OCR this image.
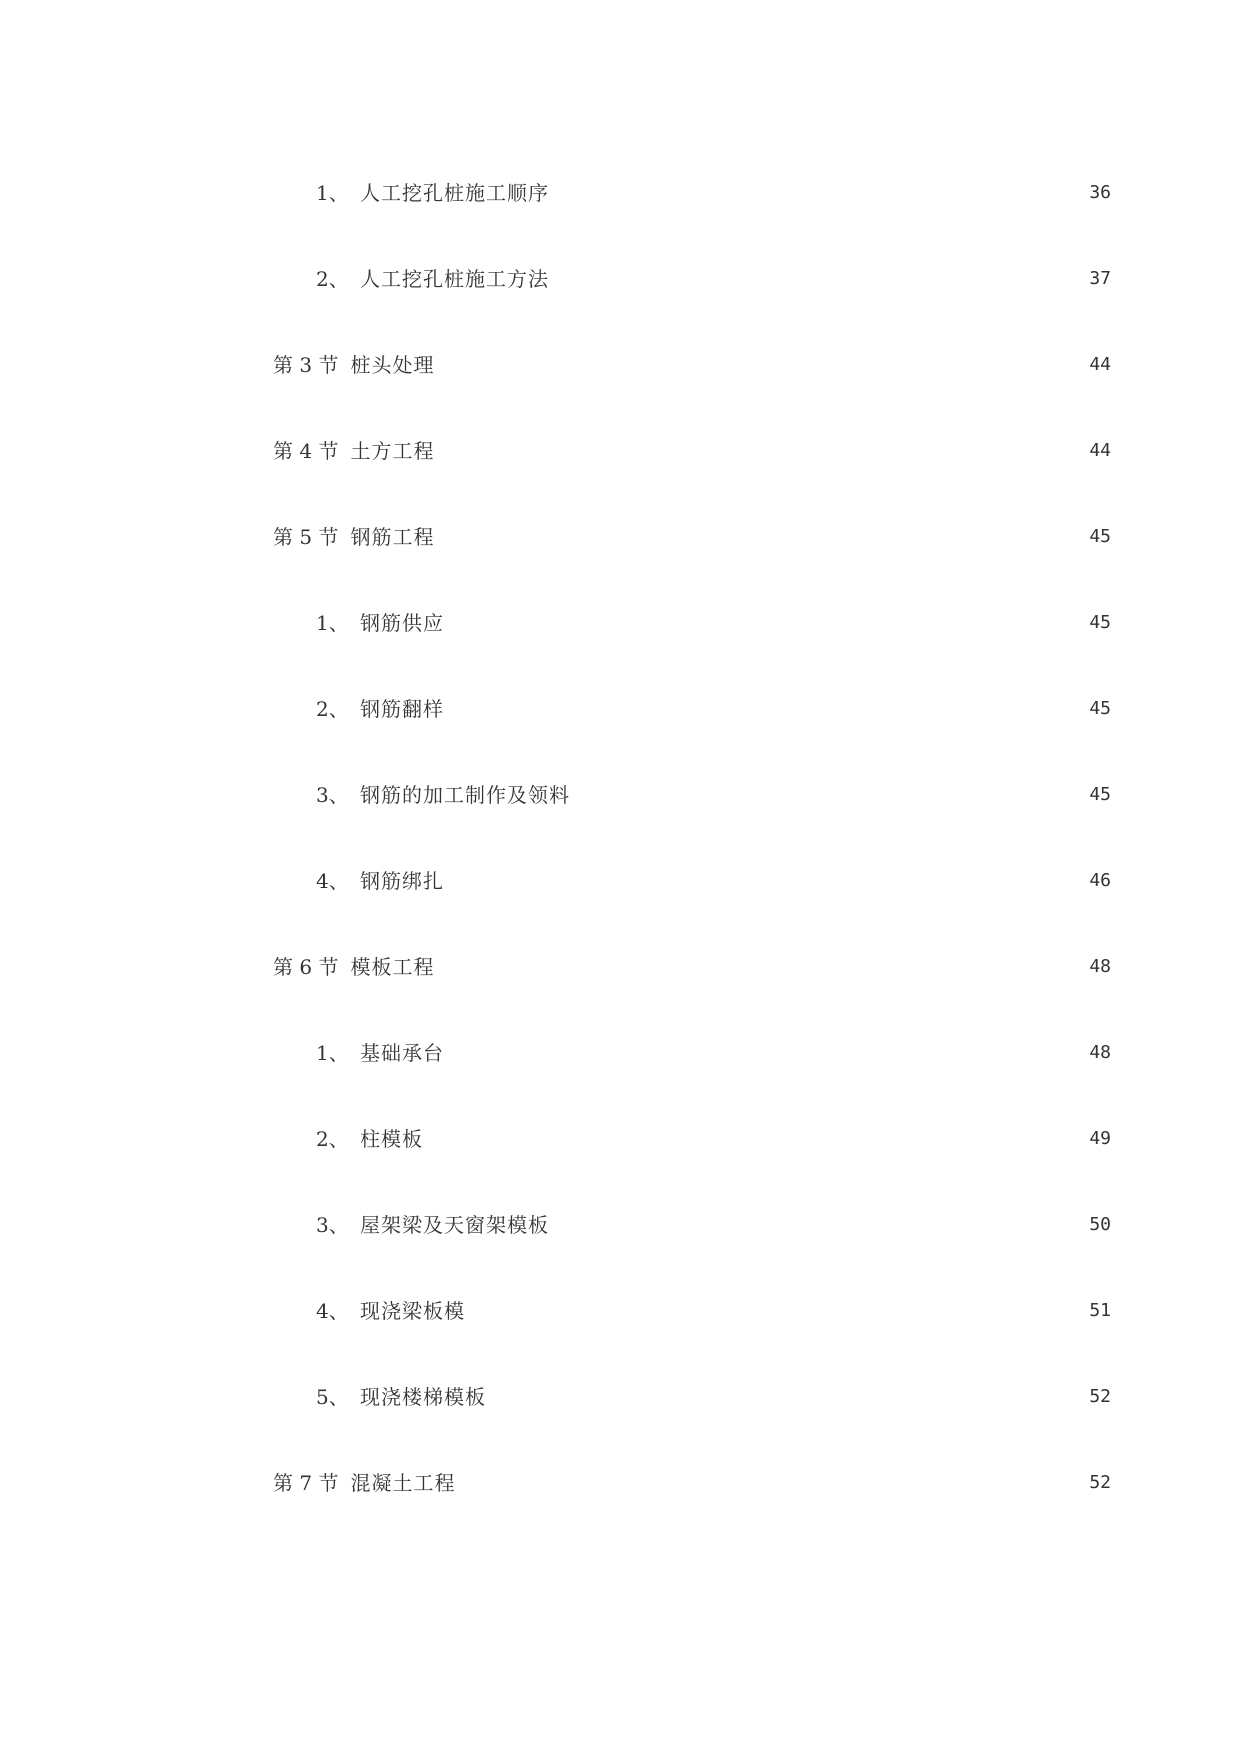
1、 人工挖孔桩施工顺序	36
2、 人工挖孔桩施工方法	37
第 3 节 桩头处理	44
第 4 节 土方工程	44
第 5 节 钢筋工程	45
1、 钢筋供应	45
2、 钢筋翻样	45
3、 钢筋的加工制作及领料	45
4、 钢筋绑扎	46
第 6 节 模板工程	48
1、 基础承台	48
2、 柱模板	49
3、 屋架梁及天窗架模板	50
4、 现浇梁板模	51
5、 现浇楼梯模板	52
第 7 节 混凝土工程	52
